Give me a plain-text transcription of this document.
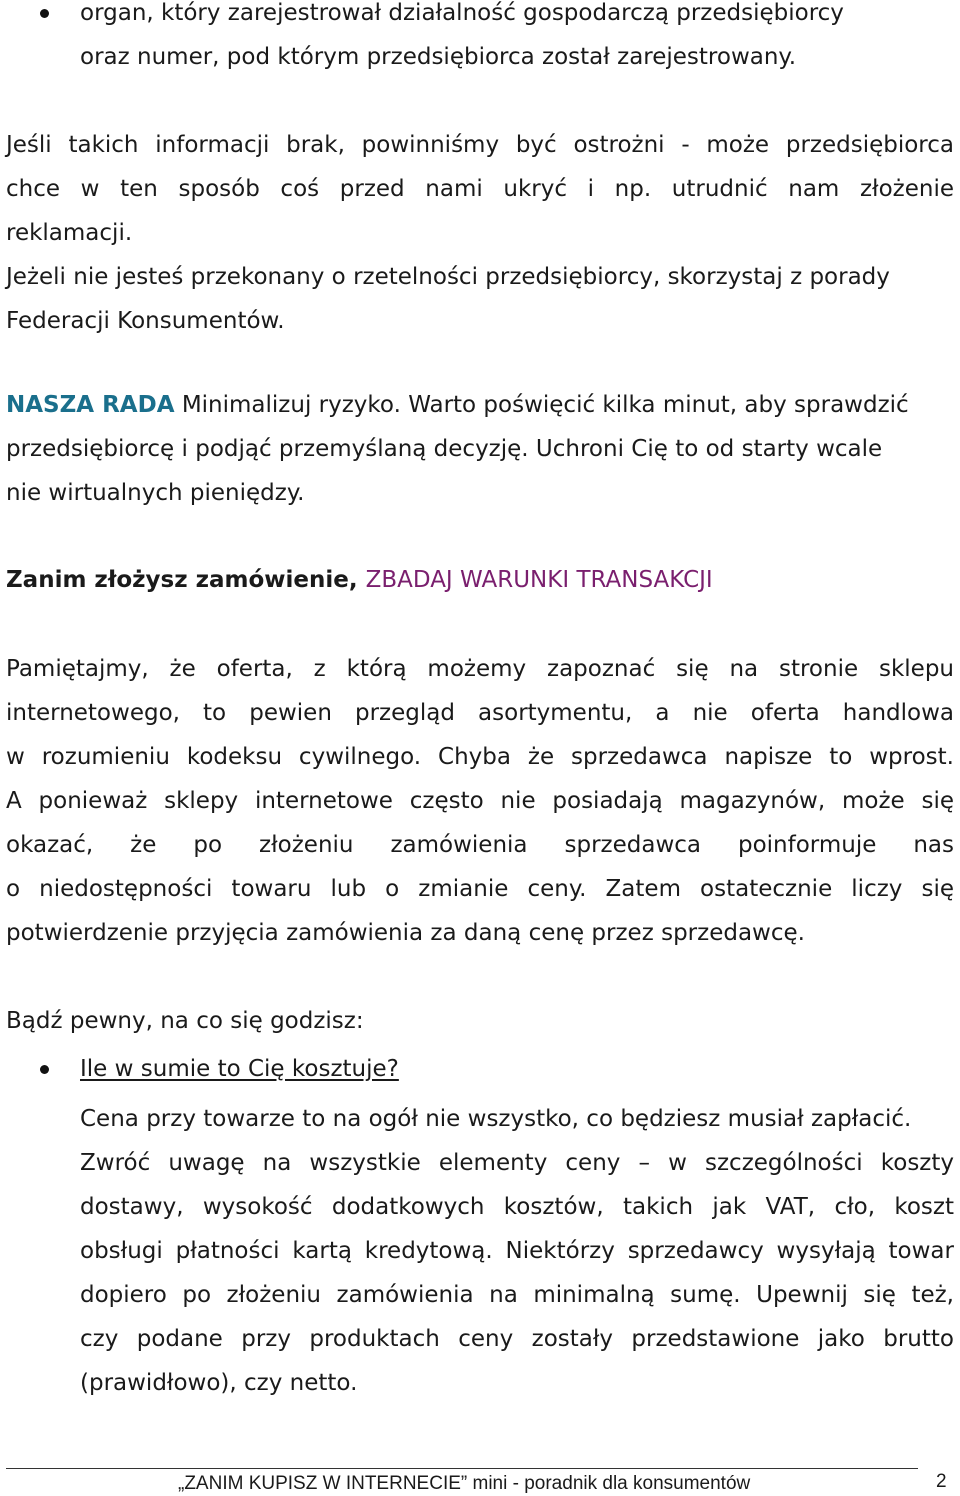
organ, który zarejestrował działalność gospodarczą przedsiębiorcy
oraz numer, pod którym przedsiębiorca został zarejestrowany.
Jeśli takich informacji brak, powinniśmy być ostrożni - może przedsiębiorca
chce w ten sposób coś przed nami ukryć i np. utrudnić nam złożenie
reklamacji.
Jeżeli nie jesteś przekonany o rzetelności przedsiębiorcy, skorzystaj z porady
Federacji Konsumentów.
NASZA RADA Minimalizuj ryzyko. Warto poświęcić kilka minut, aby sprawdzić
przedsiębiorcę i podjąć przemyślaną decyzję. Uchroni Cię to od starty wcale
nie wirtualnych pieniędzy.
Zanim złożysz zamówienie, ZBADAJ WARUNKI TRANSAKCJI
Pamiętajmy, że oferta, z którą możemy zapoznać się na stronie sklepu
internetowego, to pewien przegląd asortymentu, a nie oferta handlowa
w rozumieniu kodeksu cywilnego. Chyba że sprzedawca napisze to wprost.
A ponieważ sklepy internetowe często nie posiadają magazynów, może się
okazać, że po złożeniu zamówienia sprzedawca poinformuje nas
o niedostępności towaru lub o zmianie ceny. Zatem ostatecznie liczy się
potwierdzenie przyjęcia zamówienia za daną cenę przez sprzedawcę.
Bądź pewny, na co się godzisz:
Ile w sumie to Cię kosztuje?
Cena przy towarze to na ogół nie wszystko, co będziesz musiał zapłacić.
Zwróć uwagę na wszystkie elementy ceny – w szczególności koszty
dostawy, wysokość dodatkowych kosztów, takich jak VAT, cło, koszt
obsługi płatności kartą kredytową. Niektórzy sprzedawcy wysyłają towar
dopiero po złożeniu zamówienia na minimalną sumę. Upewnij się też,
czy podane przy produktach ceny zostały przedstawione jako brutto
(prawidłowo), czy netto.
„ZANIM KUPISZ W INTERNECIE” mini - poradnik dla konsumentów	2
